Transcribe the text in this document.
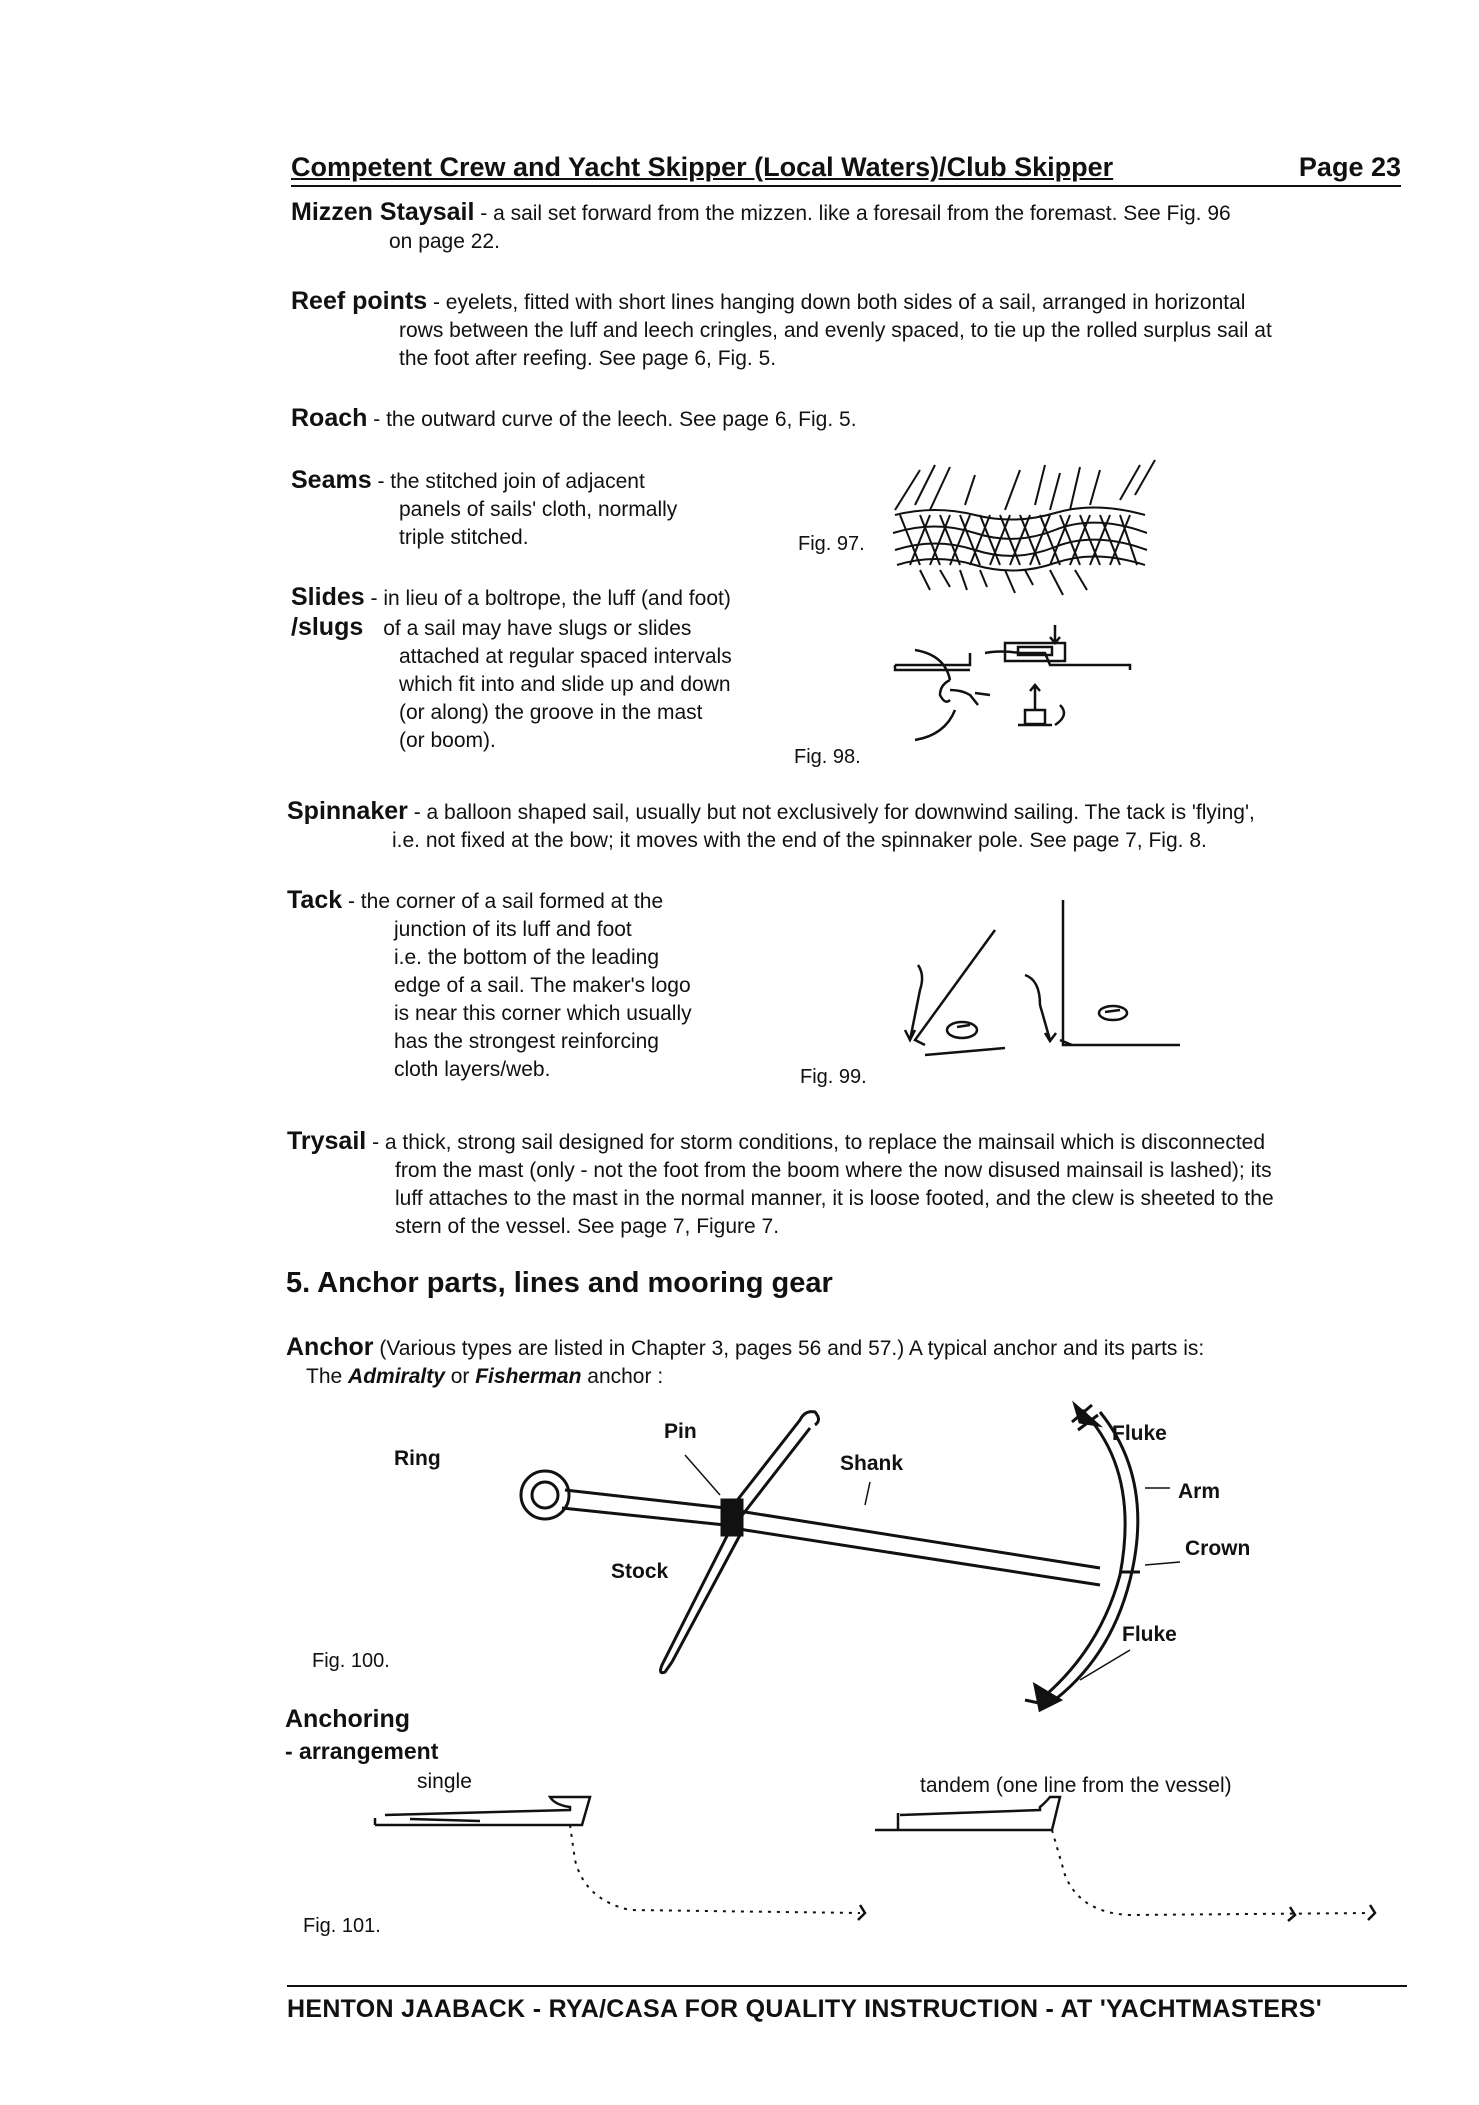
Competent Crew and Yacht Skipper (Local Waters)/Club Skipper	Page 23

Mizzen Staysail - a sail set forward from the mizzen. like a foresail from the foremast. See Fig. 96

on page 22.

Reef points - eyelets, fitted with short lines hanging down both sides of a sail, arranged in horizontal

rows between the luff and leech cringles, and evenly spaced, to tie up the rolled surplus sail at

the foot after reefing. See page 6, Fig. 5.

Roach - the outward curve of the leech. See page 6, Fig. 5.

Seams - the stitched join of adjacent

panels of sails' cloth, normally

triple stitched.	Fig. 97.

Slides - in lieu of a boltrope, the luff (and foot)

/slugs of a sail may have slugs or slides

attached at regular spaced intervals

which fit into and slide up and down

(or along) the groove in the mast

(or boom).

Fig. 98.

Spinnaker - a balloon shaped sail, usually but not exclusively for downwind sailing. The tack is 'flying',

i.e. not fixed at the bow; it moves with the end of the spinnaker pole. See page 7, Fig. 8.

Tack - the corner of a sail formed at the

junction of its luff and foot

i.e. the bottom of the leading

edge of a sail. The maker's logo

is near this corner which usually

has the strongest reinforcing

cloth layers/web.	Fig. 99.

Trysail - a thick, strong sail designed for storm conditions, to replace the mainsail which is disconnected

from the mast (only - not the foot from the boom where the now disused mainsail is lashed); its

luff attaches to the mast in the normal manner, it is loose footed, and the clew is sheeted to the

stern of the vessel. See page 7, Figure 7.

5. Anchor parts, lines and mooring gear

Anchor (Various types are listed in Chapter 3, pages 56 and 57.) A typical anchor and its parts is:

The Admiralty or Fisherman anchor :

Ring
Pin
Shank
Stock
Fluke
Arm
Crown
Fluke
Fig. 100.
Anchoring
- arrangement
single	tandem (one line from the vessel)
Fig. 101.
HENTON JAABACK - RYA/CASA FOR QUALITY INSTRUCTION - AT 'YACHTMASTERS'
